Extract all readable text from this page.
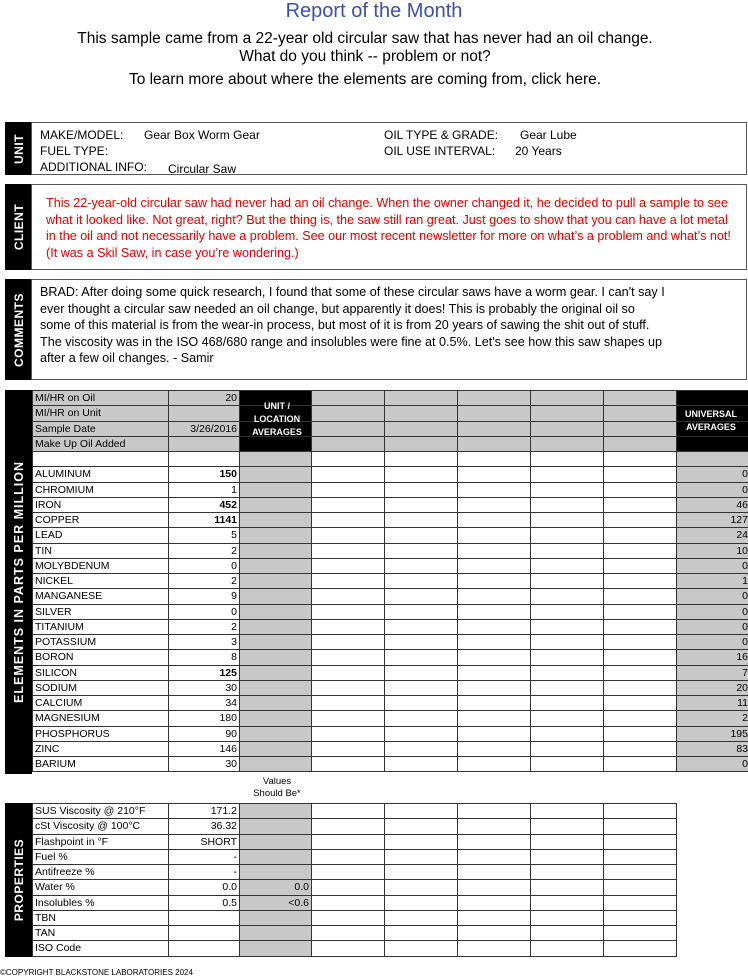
Report of the Month
This sample came from a 22-year old circular saw that has never had an oil change.
What do you think -- problem or not?
To learn more about where the elements are coming from, click here.
UNIT MAKE/MODEL: Gear Box Worm Gear
FUEL TYPE:
ADDITIONAL INFO: Circular Saw
OIL TYPE & GRADE: Gear Lube
OIL USE INTERVAL: 20 Years
CLIENT
This 22-year-old circular saw had never had an oil change. When the owner changed it, he decided to pull a sample to see what it looked like. Not great, right? But the thing is, the saw still ran great. Just goes to show that you can have a lot metal in the oil and not necessarily have a problem. See our most recent newsletter for more on what’s a problem and what’s not! (It was a Skil Saw, in case you’re wondering.)
COMMENTS
BRAD: After doing some quick research, I found that some of these circular saws have a worm gear. I can't say I ever thought a circular saw needed an oil change, but apparently it does! This is probably the original oil so some of this material is from the wear-in process, but most of it is from 20 years of sawing the shit out of stuff. The viscosity was in the ISO 468/680 range and insolubles were fine at 0.5%. Let's see how this saw shapes up after a few oil changes. - Samir
ELEMENTS IN PARTS PER MILLION
MI/HR on Oil	20							
MI/HR on Unit								
Sample Date	3/26/2016							
Make Up Oil Added								

ALUMINUM	150							0
CHROMIUM	1							0
IRON	452							46
COPPER	1141							127
LEAD	5							24
TIN	2							10
MOLYBDENUM	0							0
NICKEL	2							1
MANGANESE	9							0
SILVER	0							0
TITANIUM	2							0
POTASSIUM	3							0
BORON	8							16
SILICON	125							7
SODIUM	30							20
CALCIUM	34							11
MAGNESIUM	180							2
PHOSPHORUS	90							195
ZINC	146							83
BARIUM	30							0
UNIT / LOCATION AVERAGES
UNIVERSAL AVERAGES
Values
Should Be*
PROPERTIES
SUS Viscosity @ 210°F	171.2						
cSt Viscosity @ 100°C	36.32						
Flashpoint in °F	SHORT						
Fuel %	-						
Antifreeze %	-						
Water %	0.0	0.0					
Insolubles %	0.5	<0.6					
TBN							
TAN							
ISO Code							
©COPYRIGHT BLACKSTONE LABORATORIES 2024
